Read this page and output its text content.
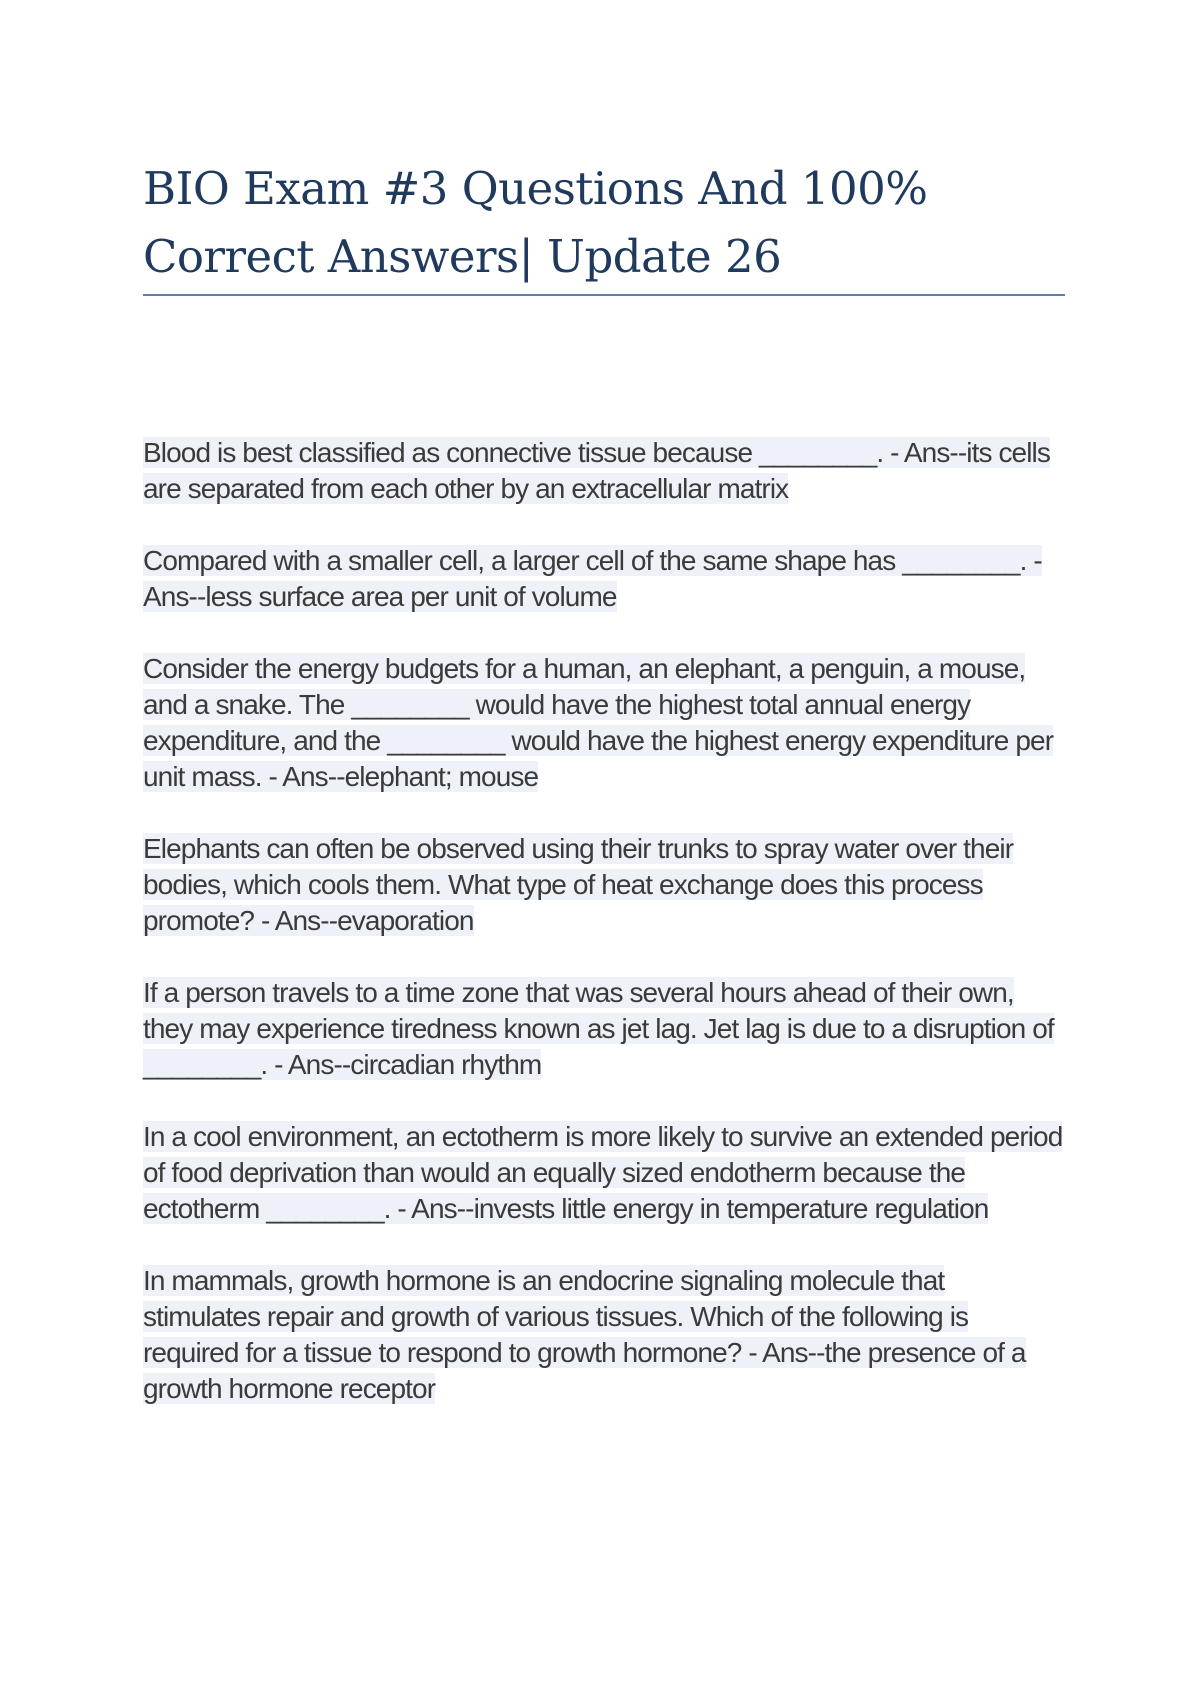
BIO Exam #3 Questions And 100% Correct Answers| Update 26

Blood is best classified as connective tissue because ________. - Ans--its cells are separated from each other by an extracellular matrix

Compared with a smaller cell, a larger cell of the same shape has ________. - Ans--less surface area per unit of volume

Consider the energy budgets for a human, an elephant, a penguin, a mouse, and a snake. The ________ would have the highest total annual energy expenditure, and the ________ would have the highest energy expenditure per unit mass. - Ans--elephant; mouse

Elephants can often be observed using their trunks to spray water over their bodies, which cools them. What type of heat exchange does this process promote? - Ans--evaporation

If a person travels to a time zone that was several hours ahead of their own, they may experience tiredness known as jet lag. Jet lag is due to a disruption of ________. - Ans--circadian rhythm

In a cool environment, an ectotherm is more likely to survive an extended period of food deprivation than would an equally sized endotherm because the ectotherm ________. - Ans--invests little energy in temperature regulation

In mammals, growth hormone is an endocrine signaling molecule that stimulates repair and growth of various tissues. Which of the following is required for a tissue to respond to growth hormone? - Ans--the presence of a growth hormone receptor
